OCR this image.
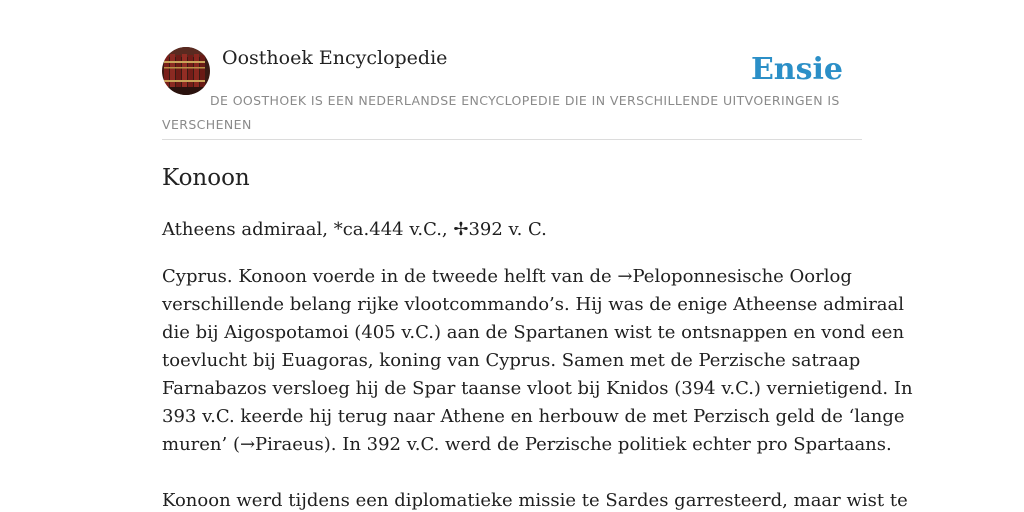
Oosthoek Encyclopedie	Ensie
DE OOSTHOEK IS EEN NEDERLANDSE ENCYCLOPEDIE DIE IN VERSCHILLENDE UITVOERINGEN IS VERSCHENEN
Konoon

Atheens admiraal, *ca.444 v.C., ✢392 v. C.

Cyprus. Konoon voerde in de tweede helft van de →Peloponnesische Oorlog
verschillende belang rijke vlootcommando’s. Hij was de enige Atheense admiraal
die bij Aigospotamoi (405 v.C.) aan de Spartanen wist te ontsnappen en vond een
toevlucht bij Euagoras, koning van Cyprus. Samen met de Perzische satraap
Farnabazos versloeg hij de Spar taanse vloot bij Knidos (394 v.C.) vernietigend. In
393 v.C. keerde hij terug naar Athene en herbouw de met Perzisch geld de ‘lange
muren’ (→Piraeus). In 392 v.C. werd de Perzische politiek echter pro Spartaans.
Konoon werd tijdens een diplomatieke missie te Sardes garresteerd, maar wist te
